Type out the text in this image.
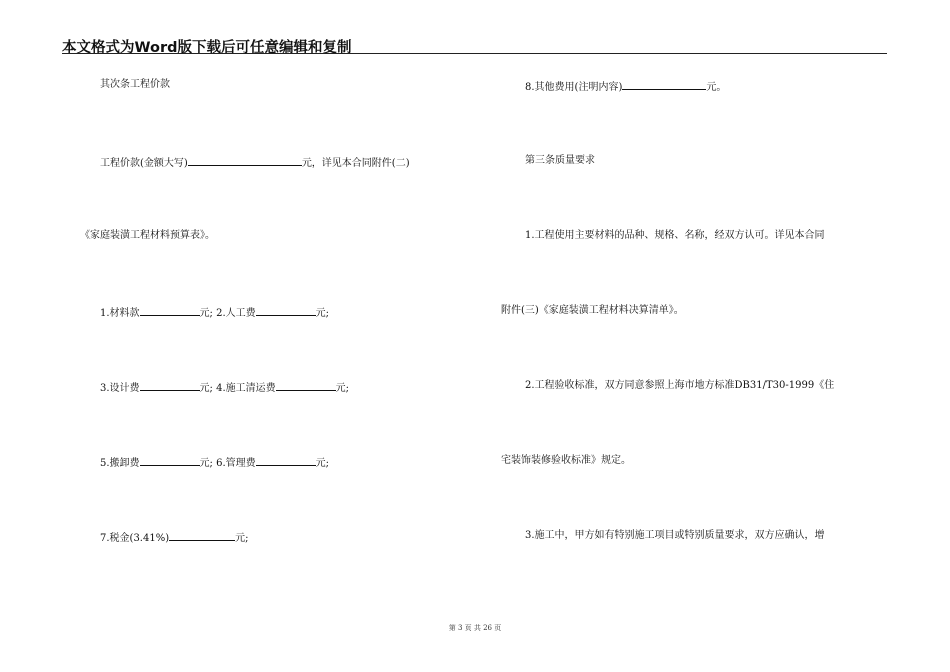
本文格式为Word版下载后可任意编辑和复制
其次条工程价款
工程价款(金额大写)	元，详见本合同附件(二)
《家庭装潢工程材料预算表》。
1.材料款	元; 2.人工费	元;
3.设计费	元; 4.施工清运费	元;
5.搬卸费	元; 6.管理费	元;
7.税金(3.41%)	元;
8.其他费用(注明内容)	元。
第三条质量要求
1.工程使用主要材料的品种、规格、名称，经双方认可。详见本合同
附件(三)《家庭装潢工程材料决算清单》。
2.工程验收标准，双方同意参照上海市地方标准DB31/T30-1999《住
宅装饰装修验收标准》规定。
3.施工中，甲方如有特别施工项目或特别质量要求，双方应确认，增
第 3 页 共 26 页
